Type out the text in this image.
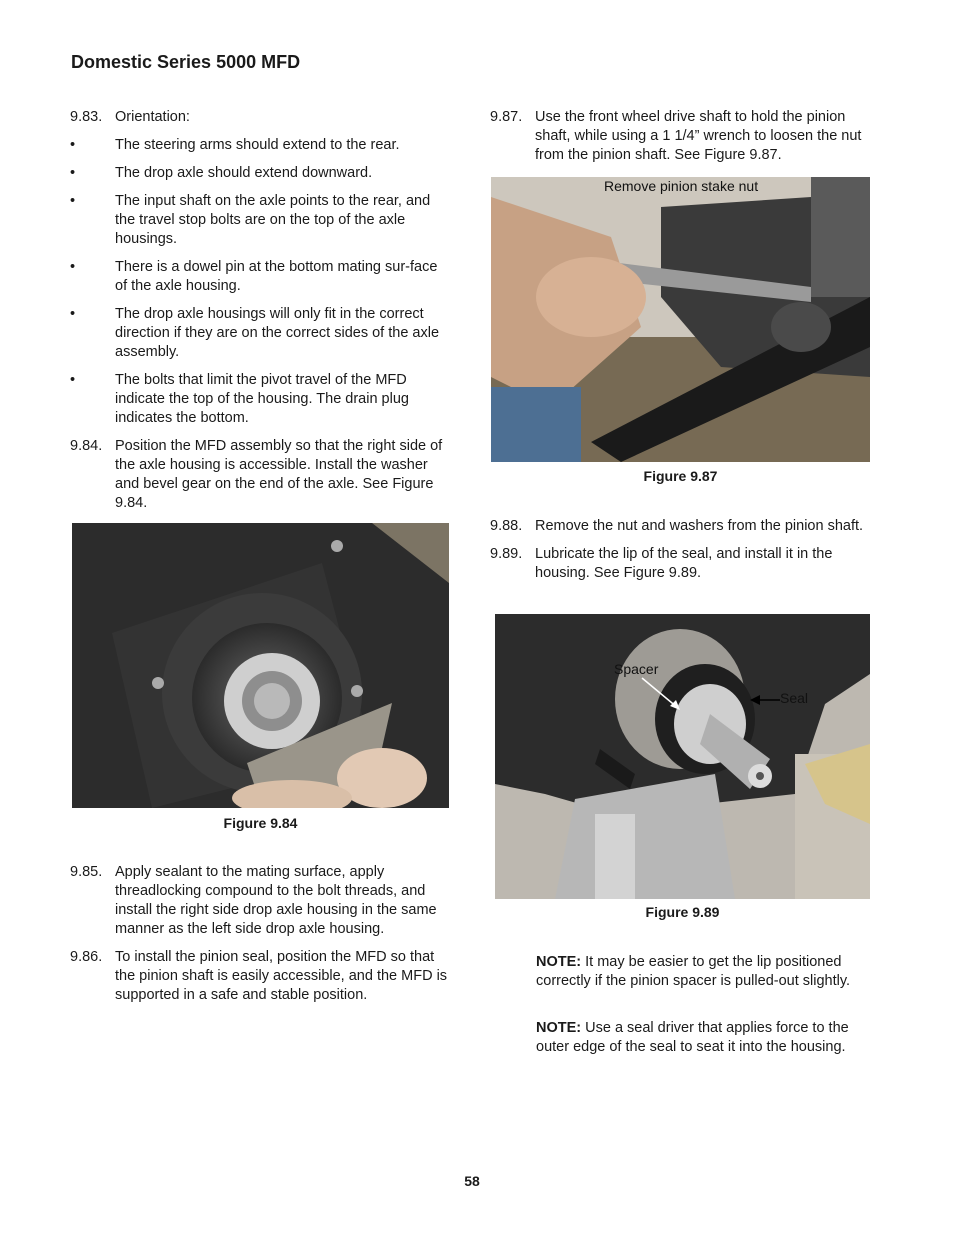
Domestic Series 5000 MFD
9.83. Orientation:
•	The steering arms should extend to the rear.
•	The drop axle should extend downward.
•	The input shaft on the axle points to the rear, and the travel stop bolts are on the top of the axle housings.
•	There is a dowel pin at the bottom mating sur-face of the axle housing.
•	The drop axle housings will only fit in the correct direction if they are on the correct sides of the axle assembly.
•	The bolts that limit the pivot travel of the MFD indicate the top of the housing. The drain plug indicates the bottom.
9.84. Position the MFD assembly so that the right side of the axle housing is accessible. Install the washer and bevel gear on the end of the axle. See Figure 9.84.
Figure 9.84
9.85. Apply sealant to the mating surface, apply threadlocking compound to the bolt threads, and install the right side drop axle housing in the same manner as the left side drop axle housing.
9.86. To install the pinion seal, position the MFD so that the pinion shaft is easily accessible, and the MFD is supported in a safe and stable position.
9.87. Use the front wheel drive shaft to hold the pinion shaft, while using a 1 1/4” wrench to loosen the nut from the pinion shaft. See Figure 9.87.
Remove pinion stake nut
Figure 9.87
9.88. Remove the nut and washers from the pinion shaft.
9.89. Lubricate the lip of the seal, and install it in the housing. See Figure 9.89.
Spacer
Seal
Figure 9.89
NOTE: It may be easier to get the lip positioned correctly if the pinion spacer is pulled-out slightly.
NOTE: Use a seal driver that applies force to the outer edge of the seal to seat it into the housing.
58
